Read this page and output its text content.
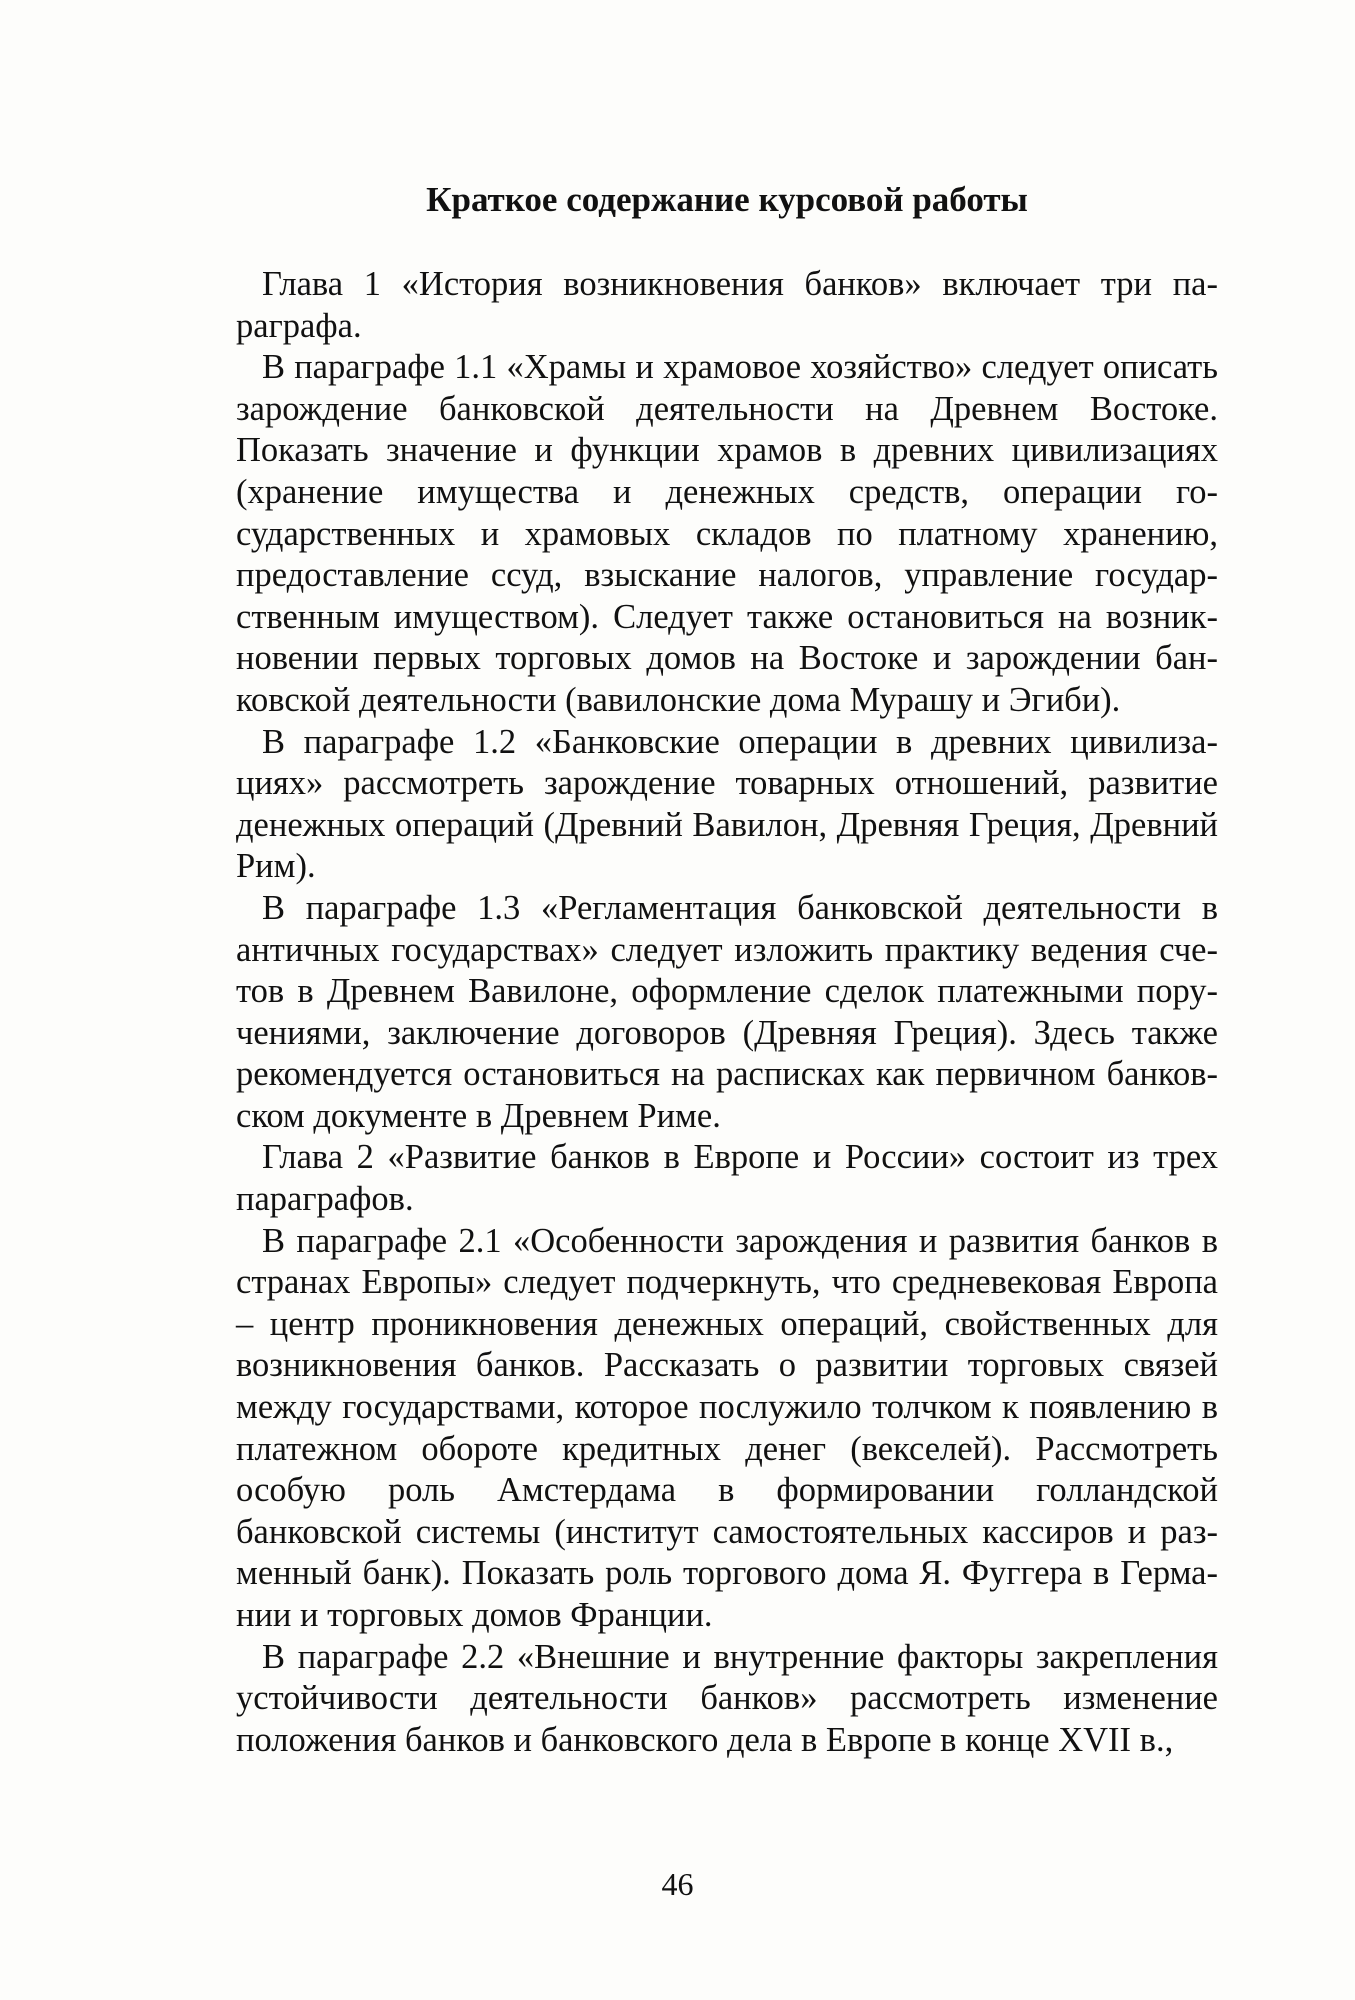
Краткое содержание курсовой работы

Глава 1 «История возникновения банков» включает три параграфа.

В параграфе 1.1 «Храмы и храмовое хозяйство» следует описать зарождение банковской деятельности на Древнем Востоке. Показать значение и функции храмов в древних цивилизациях (хранение имущества и денежных средств, операции государственных и храмовых складов по платному хранению, предоставление ссуд, взыскание налогов, управление государственным имуществом). Следует также остановиться на возникновении первых торговых домов на Востоке и зарождении банковской деятельности (вавилонские дома Мурашу и Эгиби).

В параграфе 1.2 «Банковские операции в древних цивилизациях» рассмотреть зарождение товарных отношений, развитие денежных операций (Древний Вавилон, Древняя Греция, Древний Рим).

В параграфе 1.3 «Регламентация банковской деятельности в античных государствах» следует изложить практику ведения счетов в Древнем Вавилоне, оформление сделок платежными поручениями, заключение договоров (Древняя Греция). Здесь также рекомендуется остановиться на расписках как первичном банковском документе в Древнем Риме.

Глава 2 «Развитие банков в Европе и России» состоит из трех параграфов.

В параграфе 2.1 «Особенности зарождения и развития банков в странах Европы» следует подчеркнуть, что средневековая Европа – центр проникновения денежных операций, свойственных для возникновения банков. Рассказать о развитии торговых связей между государствами, которое послужило толчком к появлению в платежном обороте кредитных денег (векселей). Рассмотреть особую роль Амстердама в формировании голландской банковской системы (институт самостоятельных кассиров и разменный банк). Показать роль торгового дома Я. Фуггера в Германии и торговых домов Франции.

В параграфе 2.2 «Внешние и внутренние факторы закрепления устойчивости деятельности банков» рассмотреть изменение положения банков и банковского дела в Европе в конце XVII в.,

46
